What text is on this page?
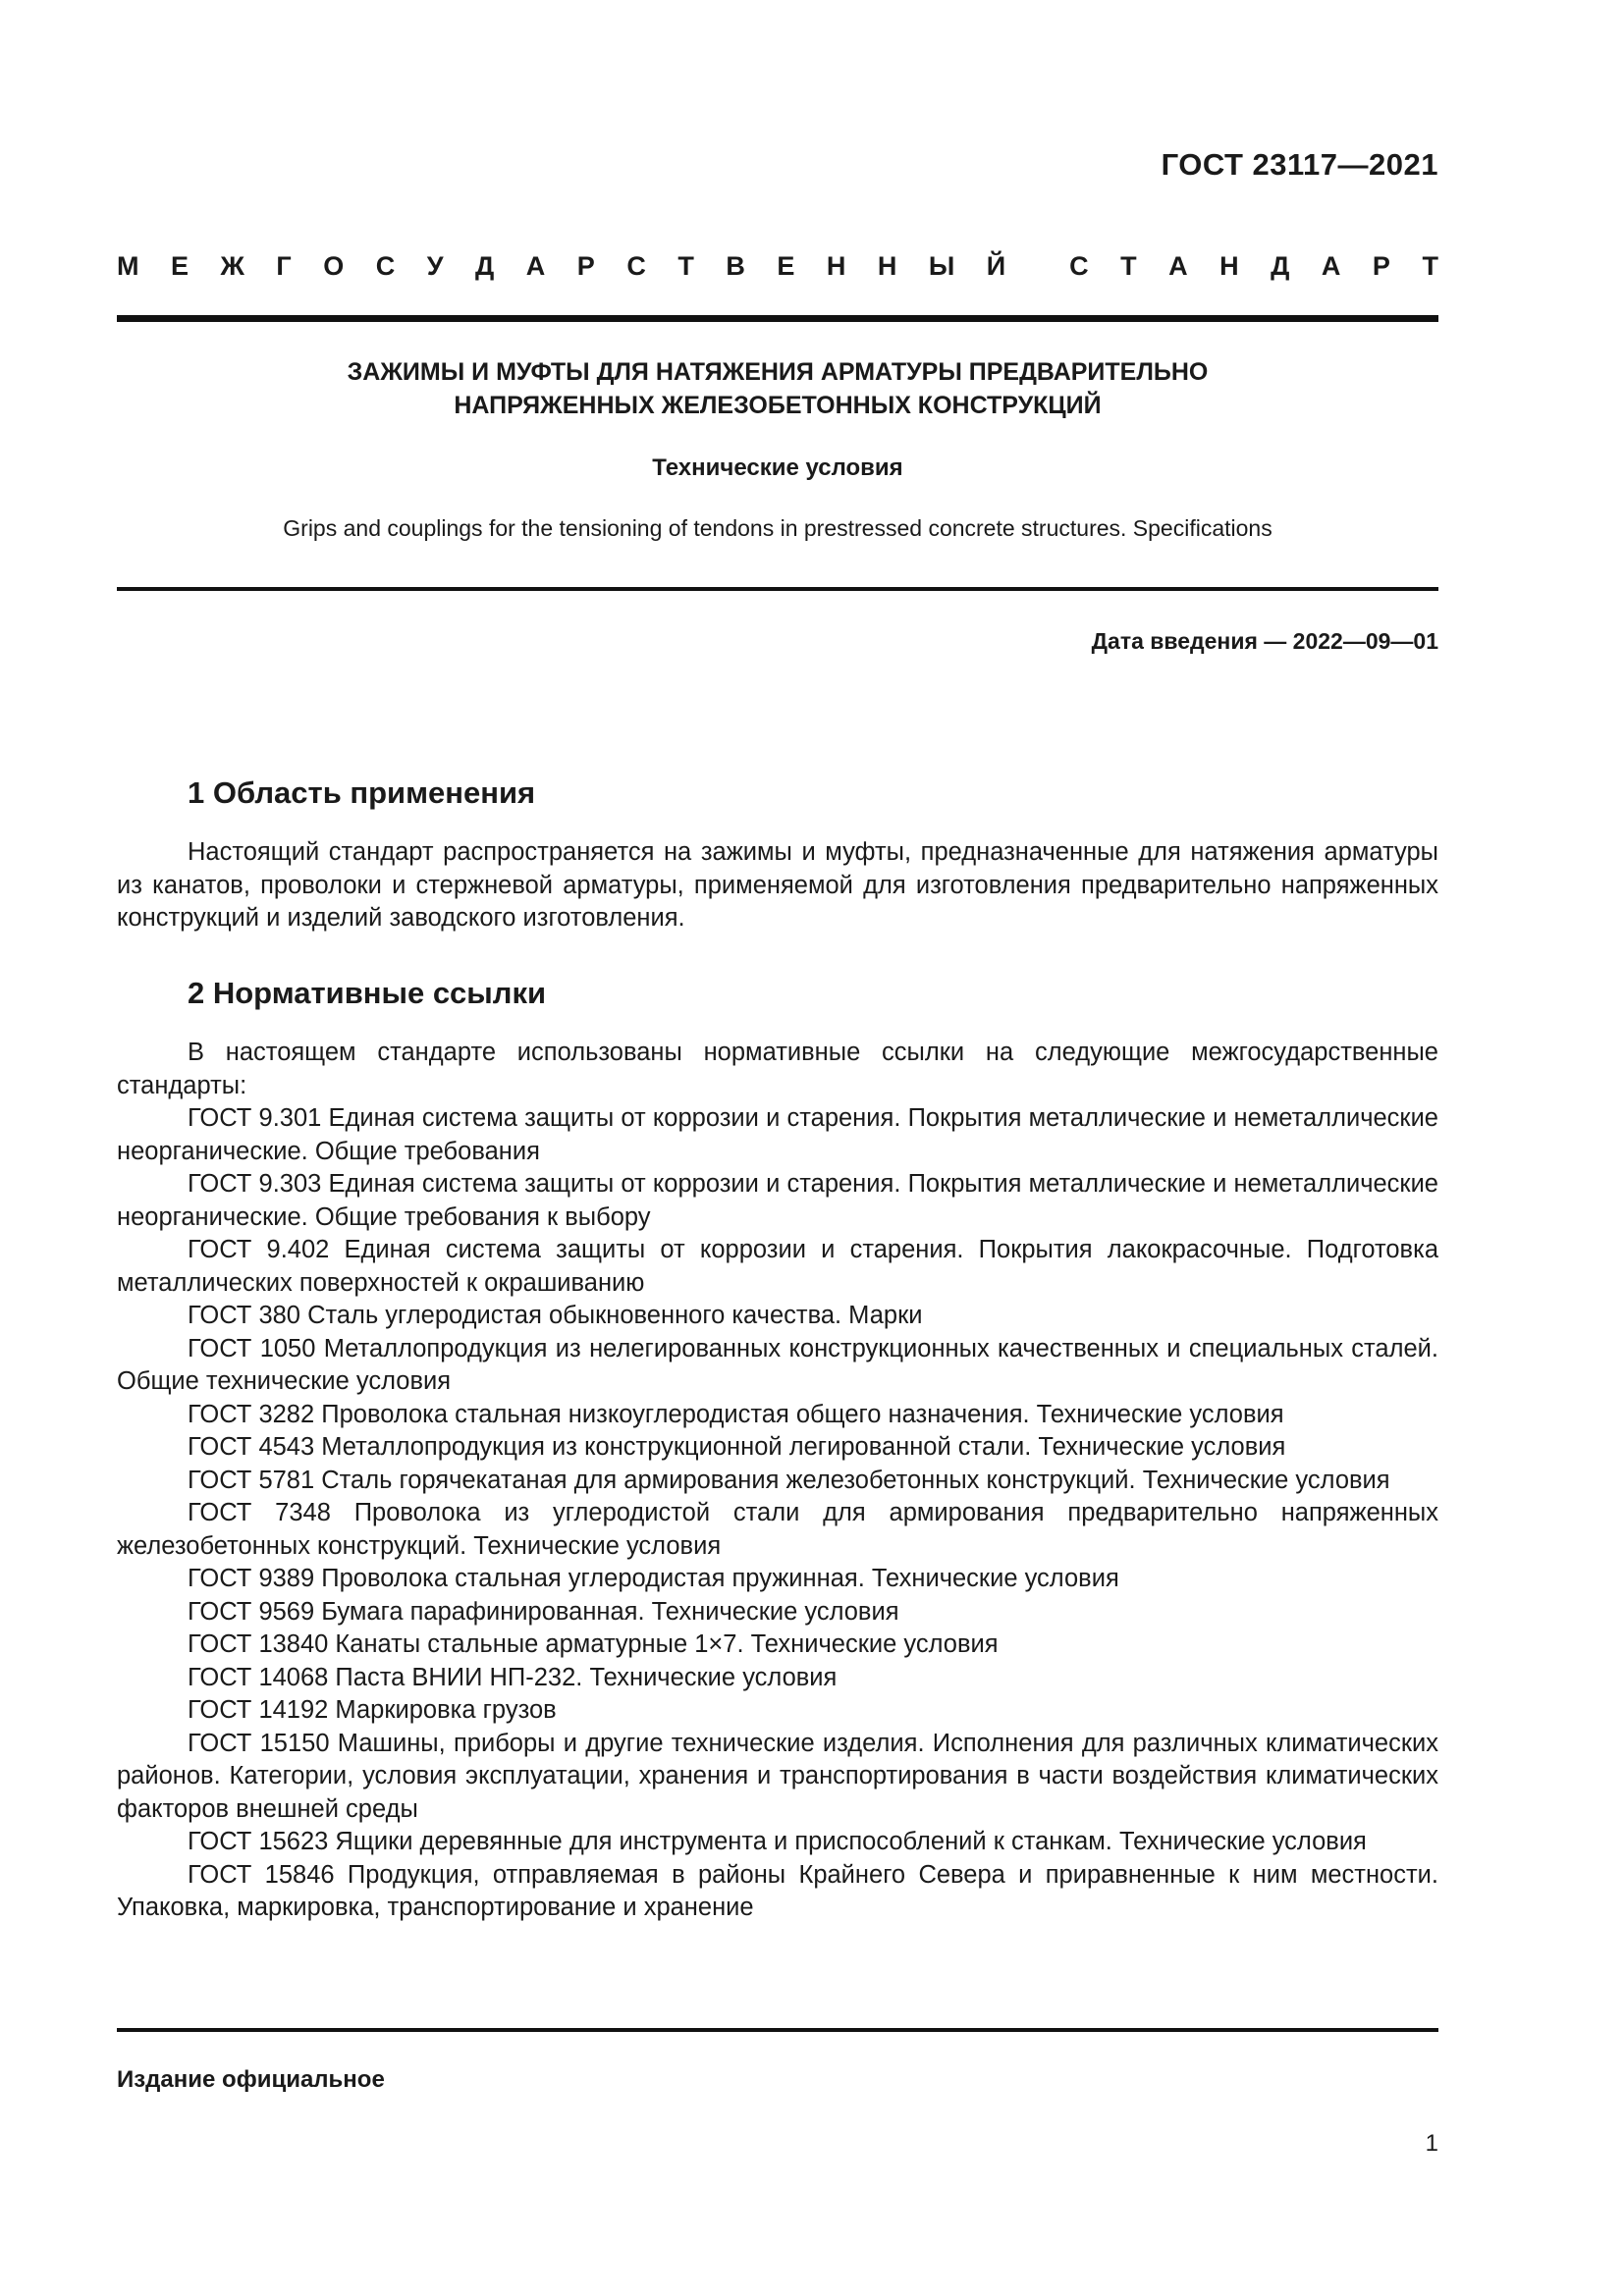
ГОСТ 23117—2021
М Е Ж Г О С У Д А Р С Т В Е Н Н Ы Й С Т А Н Д А Р Т
ЗАЖИМЫ И МУФТЫ ДЛЯ НАТЯЖЕНИЯ АРМАТУРЫ ПРЕДВАРИТЕЛЬНО
НАПРЯЖЕННЫХ ЖЕЛЕЗОБЕТОННЫХ КОНСТРУКЦИЙ
Технические условия
Grips and couplings for the tensioning of tendons in prestressed concrete structures. Specifications
Дата введения — 2022—09—01
1 Область применения

Настоящий стандарт распространяется на зажимы и муфты, предназначенные для натяжения арматуры из канатов, проволоки и стержневой арматуры, применяемой для изготовления предварительно напряженных конструкций и изделий заводского изготовления.

2 Нормативные ссылки

В настоящем стандарте использованы нормативные ссылки на следующие межгосударственные стандарты:

ГОСТ 9.301 Единая система защиты от коррозии и старения. Покрытия металлические и неметаллические неорганические. Общие требования

ГОСТ 9.303 Единая система защиты от коррозии и старения. Покрытия металлические и неметаллические неорганические. Общие требования к выбору

ГОСТ 9.402 Единая система защиты от коррозии и старения. Покрытия лакокрасочные. Подготовка металлических поверхностей к окрашиванию

ГОСТ 380 Сталь углеродистая обыкновенного качества. Марки

ГОСТ 1050 Металлопродукция из нелегированных конструкционных качественных и специальных сталей. Общие технические условия

ГОСТ 3282 Проволока стальная низкоуглеродистая общего назначения. Технические условия

ГОСТ 4543 Металлопродукция из конструкционной легированной стали. Технические условия

ГОСТ 5781 Сталь горячекатаная для армирования железобетонных конструкций. Технические условия

ГОСТ 7348 Проволока из углеродистой стали для армирования предварительно напряженных железобетонных конструкций. Технические условия

ГОСТ 9389 Проволока стальная углеродистая пружинная. Технические условия

ГОСТ 9569 Бумага парафинированная. Технические условия

ГОСТ 13840 Канаты стальные арматурные 1×7. Технические условия

ГОСТ 14068 Паста ВНИИ НП-232. Технические условия

ГОСТ 14192 Маркировка грузов

ГОСТ 15150 Машины, приборы и другие технические изделия. Исполнения для различных климатических районов. Категории, условия эксплуатации, хранения и транспортирования в части воздействия климатических факторов внешней среды

ГОСТ 15623 Ящики деревянные для инструмента и приспособлений к станкам. Технические условия

ГОСТ 15846 Продукция, отправляемая в районы Крайнего Севера и приравненные к ним местности. Упаковка, маркировка, транспортирование и хранение

Издание официальное
1
